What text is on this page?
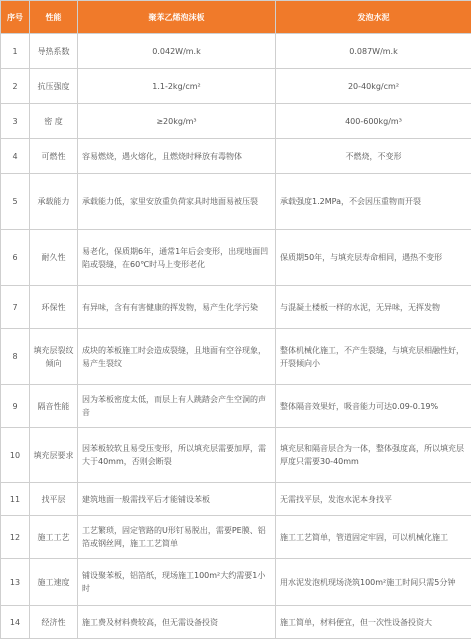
序号	性能	聚苯乙烯泡沫板	发泡水泥
1	导热系数	0.042W/m.k	0.087W/m.k
2	抗压强度	1.1-2kg/cm²	20-40kg/cm²
3	密 度	≥20kg/m³	400-600kg/m³
4	可燃性	容易燃烧，遇火熔化，且燃烧时释放有毒物体	不燃烧，不变形
5	承载能力	承载能力低，家里安放重负荷家具时地面易被压裂	承载强度1.2MPa，不会因压重物而开裂
6	耐久性	易老化，保质期6年，通常1年后会变形，出现地面凹陷或裂缝，在60℃时马上变形老化	保质期50年，与填充层寿命相同，遇热不变形
7	环保性	有异味，含有有害健康的挥发物，易产生化学污染	与混凝土楼板一样的水泥，无异味，无挥发物
8	填充层裂纹倾向	成块的苯板施工时会造成裂缝，且地面有空谷现象，易产生裂纹	整体机械化施工，不产生裂缝，与填充层相融性好，开裂倾向小
9	隔音性能	因为苯板密度太低，而层上有人跳踏会产生空洞的声音	整体隔音效果好，吸音能力可达0.09-0.19%
10	填充层要求	因苯板较软且易受压变形，所以填充层需要加厚，需大于40mm，否则会断裂	填充层和隔音层合为一体，整体强度高，所以填充层厚度只需要30-40mm
11	找平层	建筑地面一般需找平后才能铺设苯板	无需找平层，发泡水泥本身找平
12	施工工艺	工艺繁琐，固定管路的U形钉易脱出，需要PE膜、铝箔或钢丝网，施工工艺简单	施工工艺简单，管道固定牢固，可以机械化施工
13	施工速度	铺设聚苯板，铝箔纸，现场施工100m²大约需要1小时	用水泥发泡机现场浇筑100m²施工时间只需5分钟
14	经济性	施工费及材料费较高，但无需设备投资	施工简单，材料便宜，但一次性设备投资大
